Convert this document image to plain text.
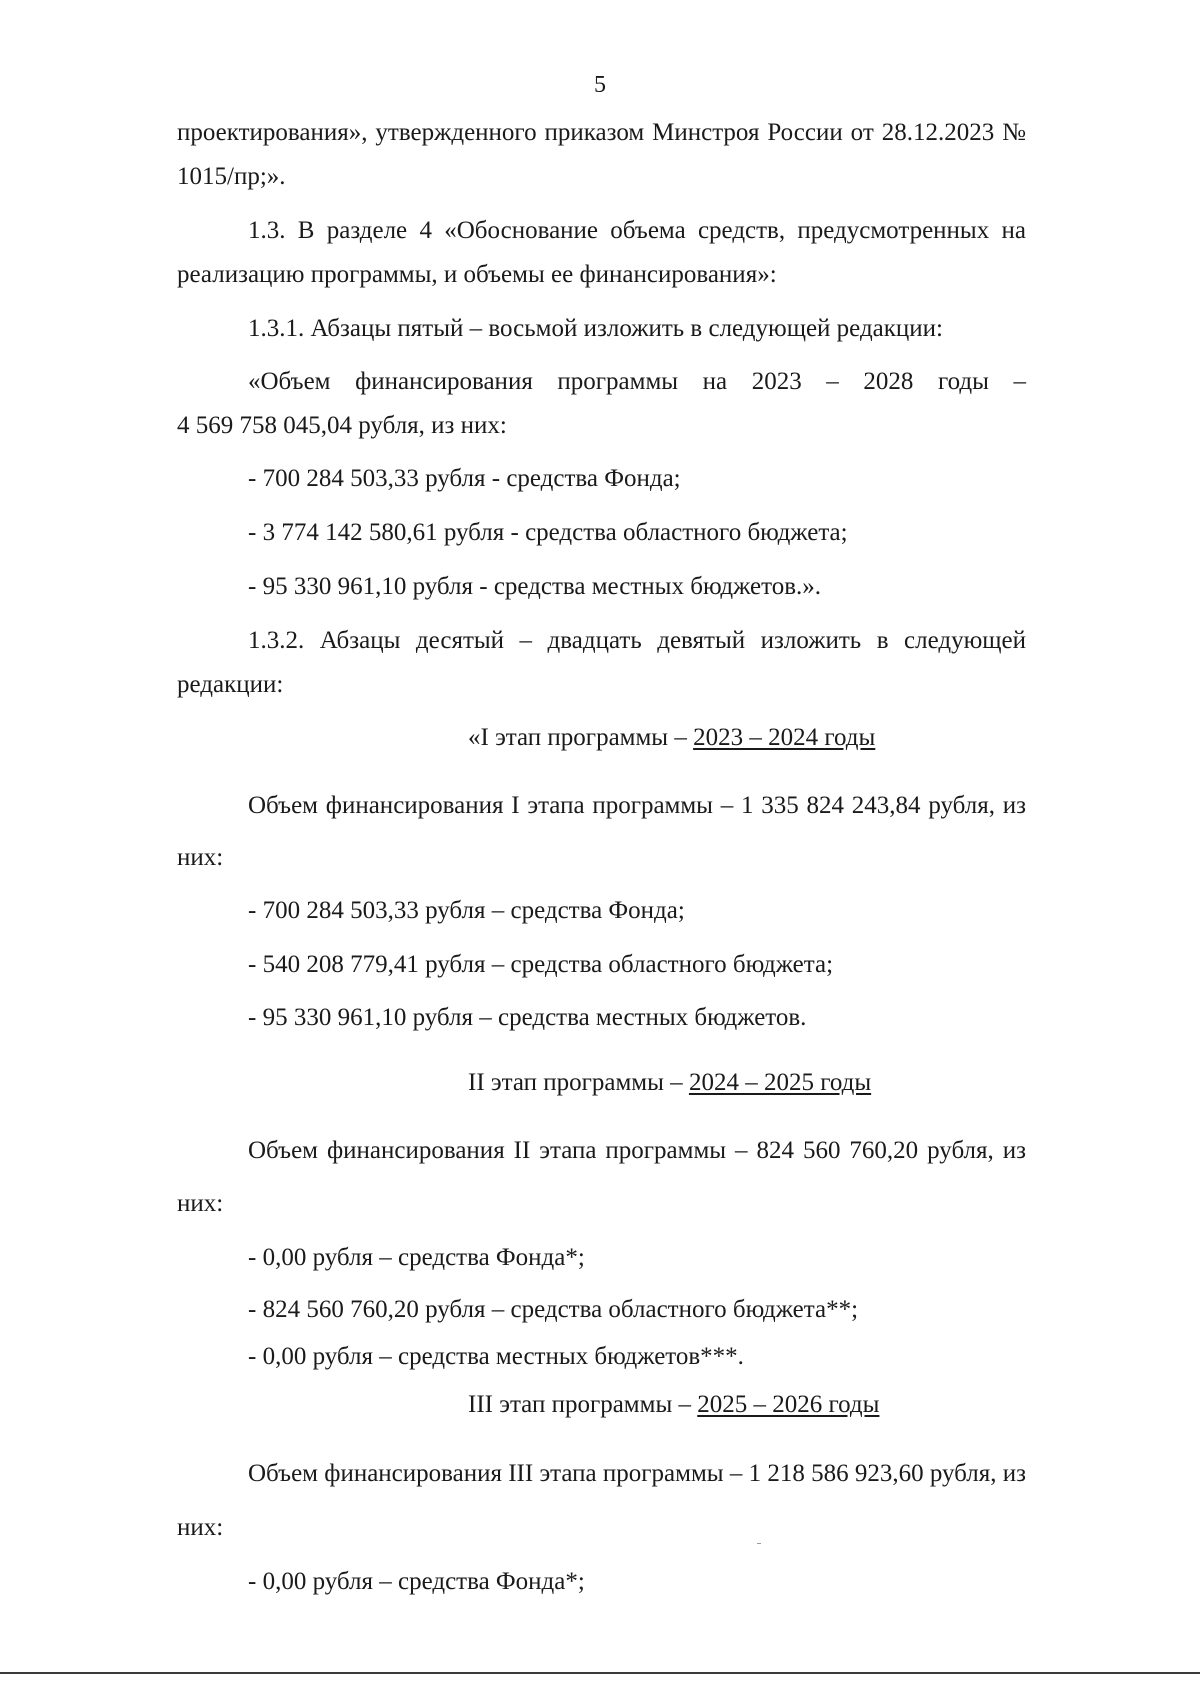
5

проектирования», утвержденного приказом Минстроя России от 28.12.2023 №

1015/пр;».

1.3. В разделе 4 «Обоснование объема средств, предусмотренных на

реализацию программы, и объемы ее финансирования»:

1.3.1. Абзацы пятый – восьмой изложить в следующей редакции:

«Объем финансирования программы на 2023 – 2028 годы –

4 569 758 045,04 рубля, из них:

- 700 284 503,33 рубля - средства Фонда;

- 3 774 142 580,61 рубля - средства областного бюджета;

- 95 330 961,10 рубля - средства местных бюджетов.».

1.3.2. Абзацы десятый – двадцать девятый изложить в следующей

редакции:

«I этап программы – 2023 – 2024 годы

Объем финансирования I этапа программы – 1 335 824 243,84 рубля, из

них:

- 700 284 503,33 рубля – средства Фонда;

- 540 208 779,41 рубля – средства областного бюджета;

- 95 330 961,10 рубля – средства местных бюджетов.

II этап программы – 2024 – 2025 годы

Объем финансирования II этапа программы – 824 560 760,20 рубля, из

них:

- 0,00 рубля – средства Фонда*;

- 824 560 760,20 рубля – средства областного бюджета**;

- 0,00 рубля – средства местных бюджетов***.

III этап программы – 2025 – 2026 годы

Объем финансирования III этапа программы – 1 218 586 923,60 рубля, из

них:

- 0,00 рубля – средства Фонда*;
